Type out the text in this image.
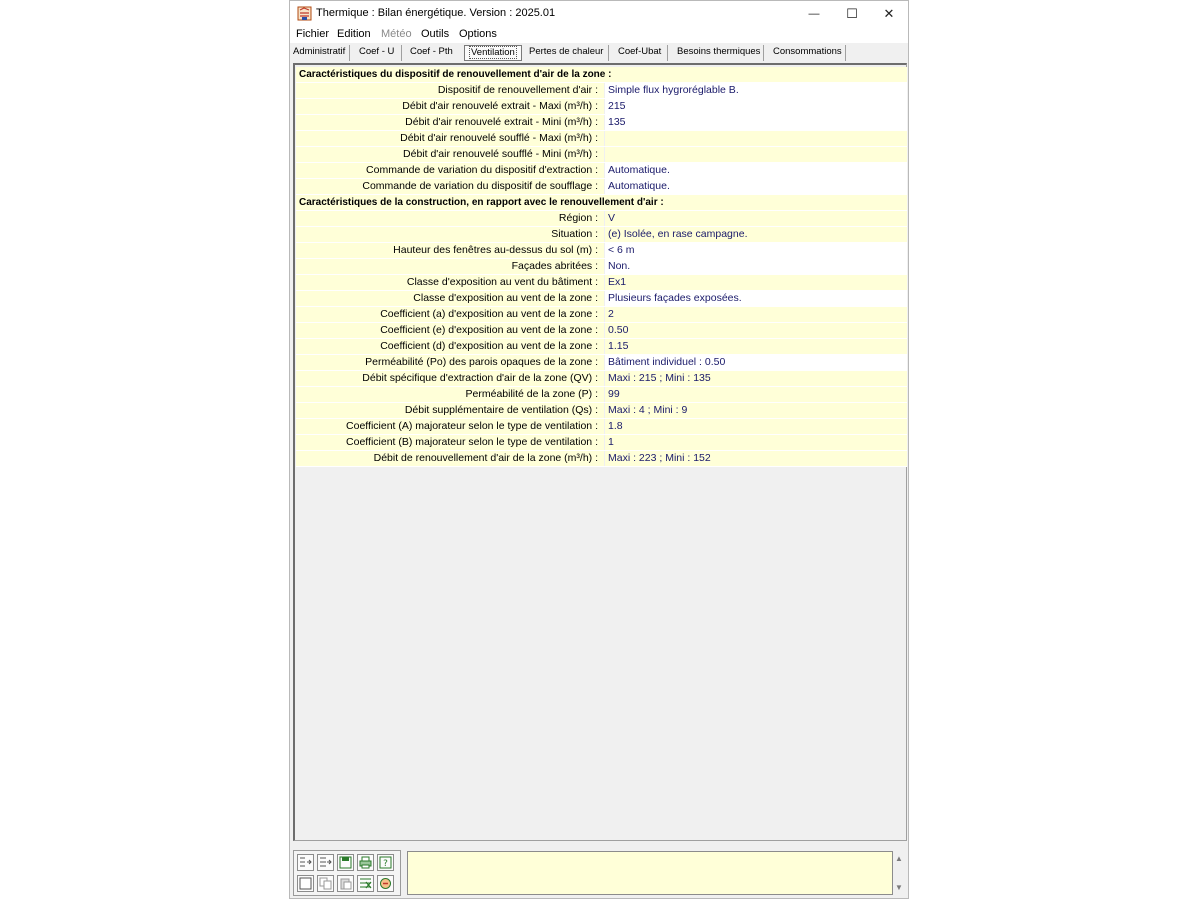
Thermique : Bilan énergétique. Version : 2025.01	— ☐ ✕
Fichier Edition Météo Outils Options
Administratif Coef - U Coef - Pth	Ventilation	Pertes de chaleur Coef-Ubat Besoins thermiques Consommations
Caractéristiques du dispositif de renouvellement d'air de la zone :
Dispositif de renouvellement d'air : Simple flux hygroréglable B.
Débit d'air renouvelé extrait - Maxi (m³/h) : 215
Débit d'air renouvelé extrait - Mini (m³/h) : 135
Débit d'air renouvelé soufflé - Maxi (m³/h) :
Débit d'air renouvelé soufflé - Mini (m³/h) :
Commande de variation du dispositif d'extraction : Automatique.
Commande de variation du dispositif de soufflage : Automatique.
Caractéristiques de la construction, en rapport avec le renouvellement d'air :
Région : V
Situation : (e) Isolée, en rase campagne.
Hauteur des fenêtres au-dessus du sol (m) : < 6 m
Façades abritées : Non.
Classe d'exposition au vent du bâtiment : Ex1
Classe d'exposition au vent de la zone : Plusieurs façades exposées.
Coefficient (a) d'exposition au vent de la zone : 2
Coefficient (e) d'exposition au vent de la zone : 0.50
Coefficient (d) d'exposition au vent de la zone : 1.15
Perméabilité (Po) des parois opaques de la zone : Bâtiment individuel : 0.50
Débit spécifique d'extraction d'air de la zone (QV) : Maxi : 215 ; Mini : 135
Perméabilité de la zone (P) : 99
Débit supplémentaire de ventilation (Qs) : Maxi : 4 ; Mini : 9
Coefficient (A) majorateur selon le type de ventilation : 1.8
Coefficient (B) majorateur selon le type de ventilation : 1
Débit de renouvellement d'air de la zone (m³/h) : Maxi : 223 ; Mini : 152
?
▲
▼
